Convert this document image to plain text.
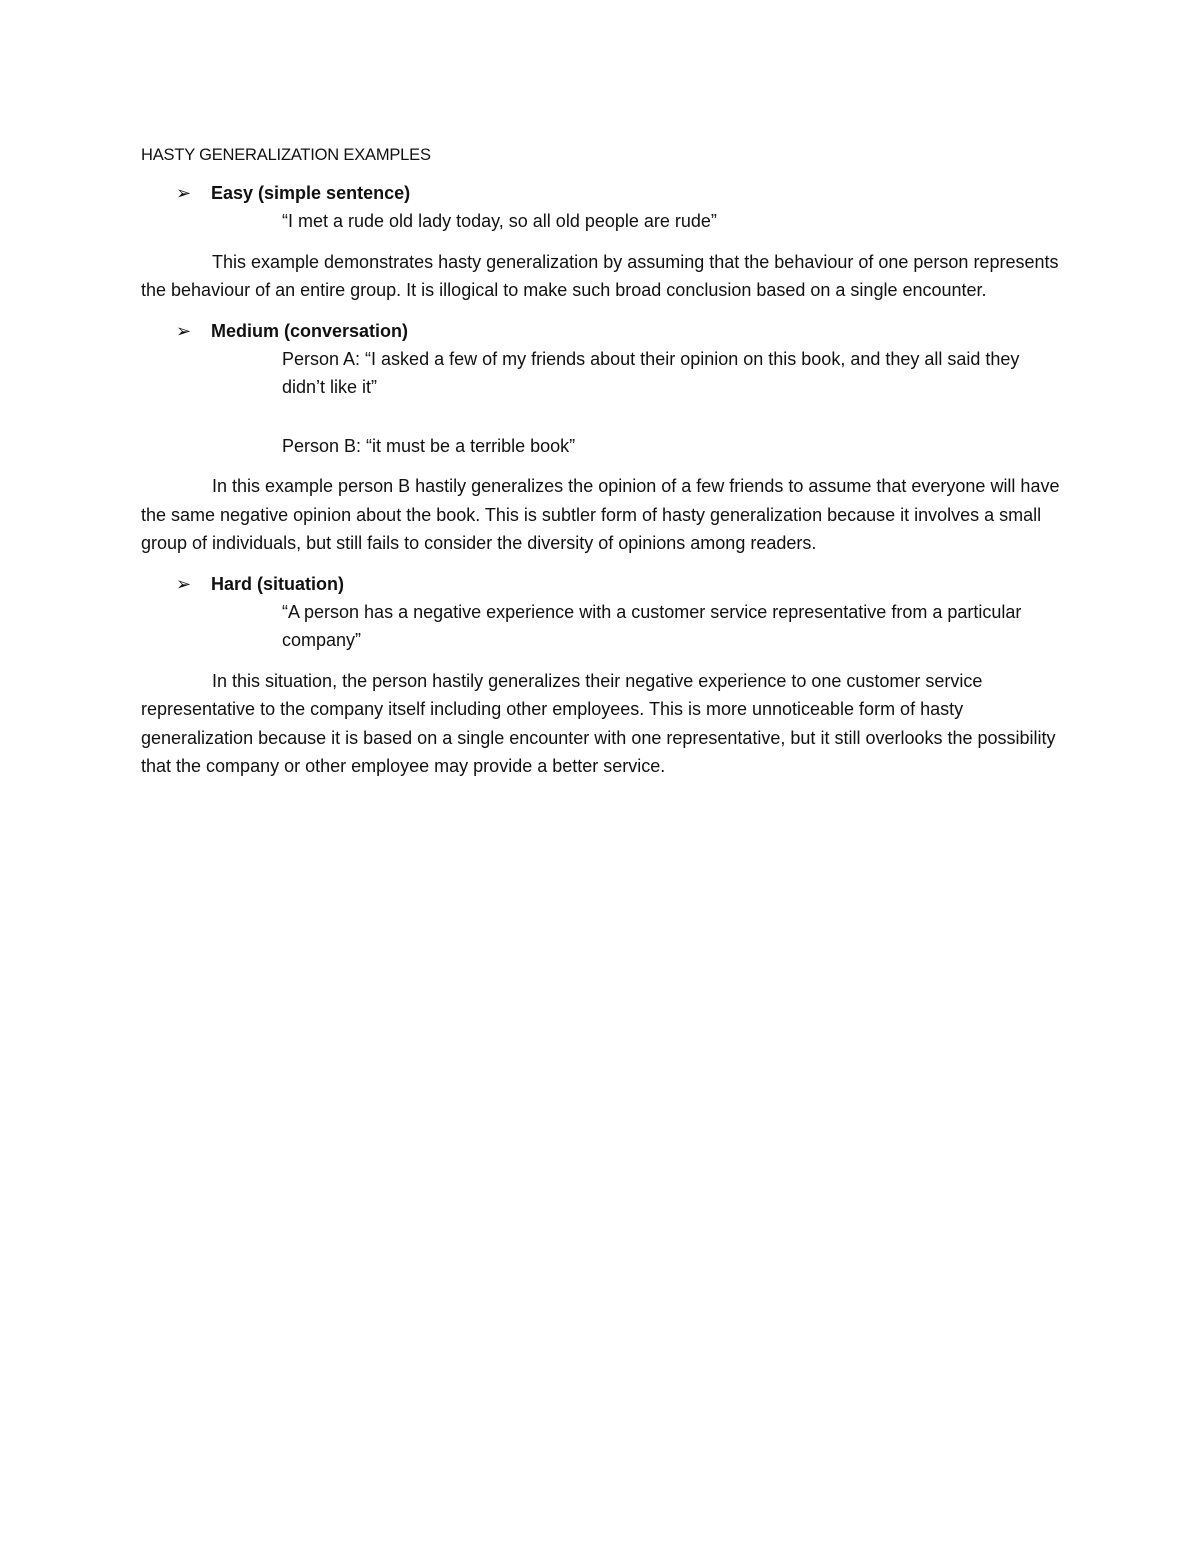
HASTY GENERALIZATION EXAMPLES

➢	Easy (simple sentence)

“I met a rude old lady today, so all old people are rude”

This example demonstrates hasty generalization by assuming that the behaviour of one person represents the behaviour of an entire group. It is illogical to make such broad conclusion based on a single encounter.

➢	Medium (conversation)

Person A: “I asked a few of my friends about their opinion on this book, and they all said they didn’t like it”

Person B: “it must be a terrible book”

In this example person B hastily generalizes the opinion of a few friends to assume that everyone will have the same negative opinion about the book. This is subtler form of hasty generalization because it involves a small group of individuals, but still fails to consider the diversity of opinions among readers.

➢	Hard (situation)

“A person has a negative experience with a customer service representative from a particular company”

In this situation, the person hastily generalizes their negative experience to one customer service representative to the company itself including other employees. This is more unnoticeable form of hasty generalization because it is based on a single encounter with one representative, but it still overlooks the possibility that the company or other employee may provide a better service.
